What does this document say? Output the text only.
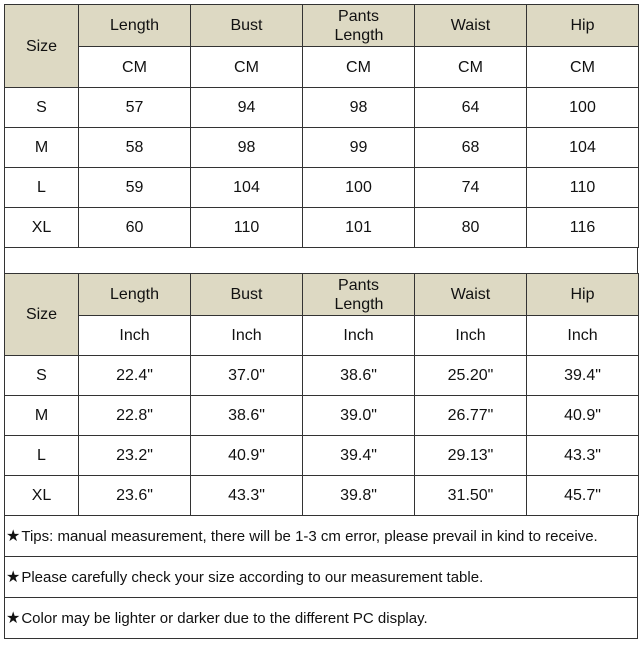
Size	Length	Bust	Pants Length	Waist	Hip
	CM	CM	CM	CM	CM
S	57	94	98	64	100
M	58	98	99	68	104
L	59	104	100	74	110
XL	60	110	101	80	116
Size	Length	Bust	Pants Length	Waist	Hip
	Inch	Inch	Inch	Inch	Inch
S	22.4"	37.0"	38.6"	25.20"	39.4"
M	22.8"	38.6"	39.0"	26.77"	40.9"
L	23.2"	40.9"	39.4"	29.13"	43.3"
XL	23.6"	43.3"	39.8"	31.50"	45.7"
★ Tips: manual measurement, there will be 1-3 cm error, please prevail in kind to receive.
★ Please carefully check your size according to our measurement table.
★ Color may be lighter or darker due to the different PC display.
